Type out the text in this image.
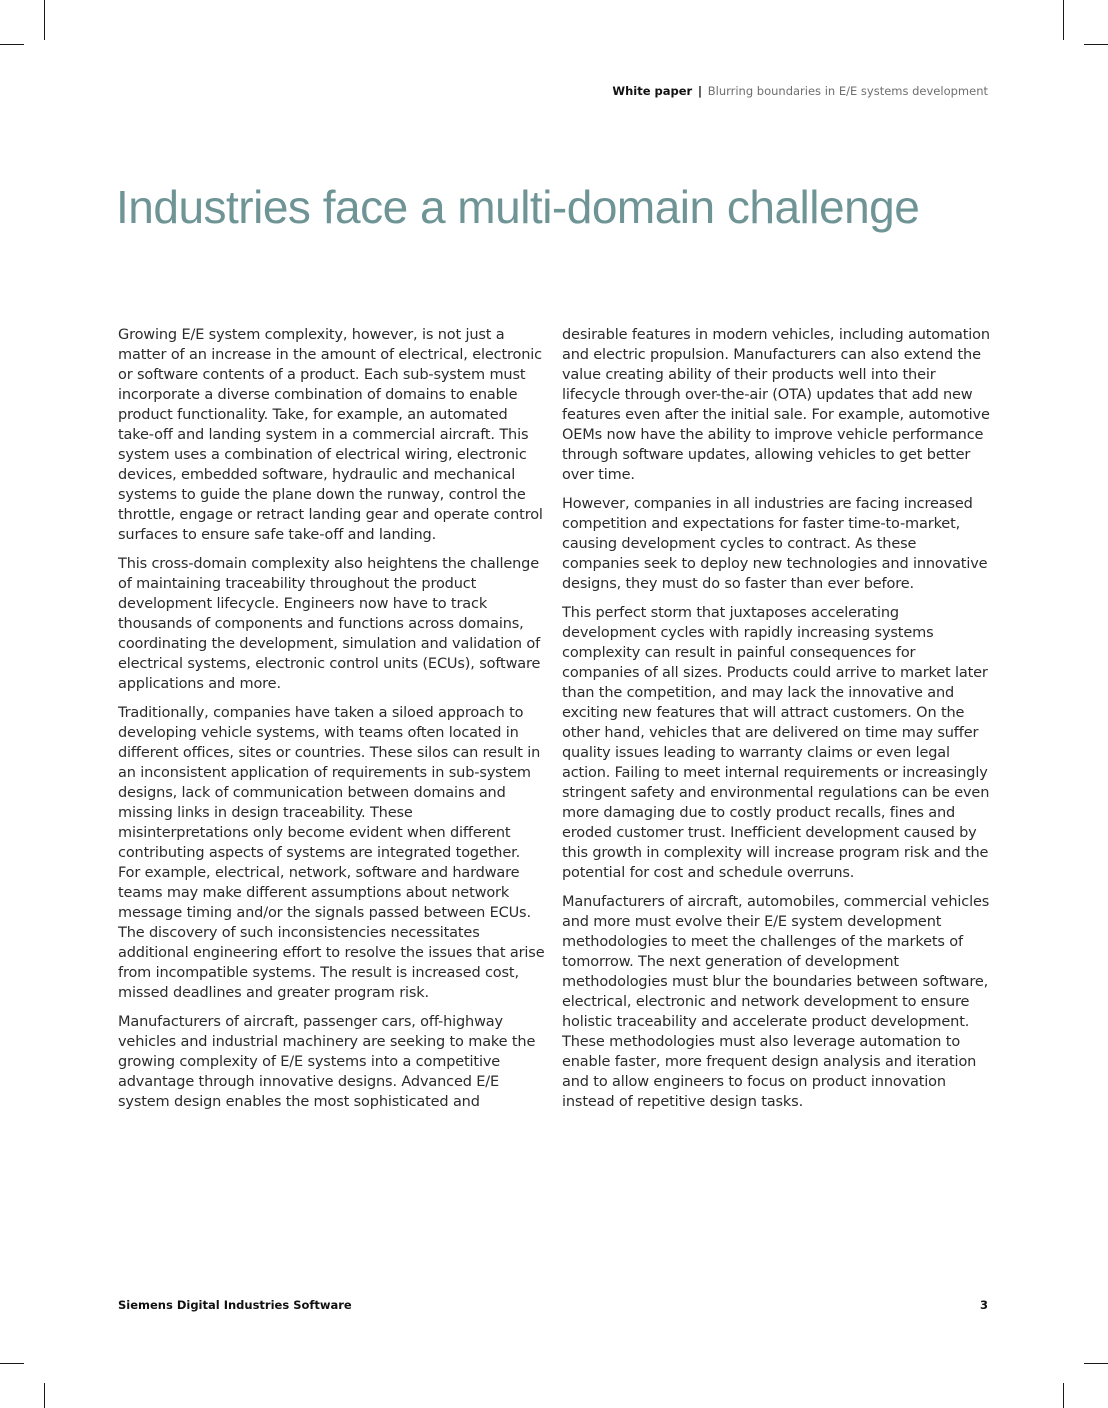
White paper | Blurring boundaries in E/E systems development
Industries face a multi-domain challenge

Growing E/E system complexity, however, is not just a matter of an increase in the amount of electrical, electronic or software contents of a product. Each sub-system must incorporate a diverse combination of domains to enable product functionality. Take, for example, an automated take-off and landing system in a commercial aircraft. This system uses a combination of electrical wiring, electronic devices, embedded software, hydraulic and mechanical systems to guide the plane down the runway, control the throttle, engage or retract landing gear and operate control surfaces to ensure safe take-off and landing.

This cross-domain complexity also heightens the challenge of maintaining traceability throughout the product development lifecycle. Engineers now have to track thousands of components and functions across domains, coordinating the development, simulation and validation of electrical systems, electronic control units (ECUs), software applications and more.

Traditionally, companies have taken a siloed approach to developing vehicle systems, with teams often located in different offices, sites or countries. These silos can result in an inconsistent application of requirements in sub-system designs, lack of communication between domains and missing links in design traceability. These misinterpretations only become evident when different contributing aspects of systems are integrated together. For example, electrical, network, software and hardware teams may make different assumptions about network message timing and/or the signals passed between ECUs. The discovery of such inconsistencies necessitates additional engineering effort to resolve the issues that arise from incompatible systems. The result is increased cost, missed deadlines and greater program risk.

Manufacturers of aircraft, passenger cars, off-highway vehicles and industrial machinery are seeking to make the growing complexity of E/E systems into a competitive advantage through innovative designs. Advanced E/E system design enables the most sophisticated and

desirable features in modern vehicles, including automation and electric propulsion. Manufacturers can also extend the value creating ability of their products well into their lifecycle through over-the-air (OTA) updates that add new features even after the initial sale. For example, automotive OEMs now have the ability to improve vehicle performance through software updates, allowing vehicles to get better over time.

However, companies in all industries are facing increased competition and expectations for faster time-to-market, causing development cycles to contract. As these companies seek to deploy new technologies and innovative designs, they must do so faster than ever before.

This perfect storm that juxtaposes accelerating development cycles with rapidly increasing systems complexity can result in painful consequences for companies of all sizes. Products could arrive to market later than the competition, and may lack the innovative and exciting new features that will attract customers. On the other hand, vehicles that are delivered on time may suffer quality issues leading to warranty claims or even legal action. Failing to meet internal requirements or increasingly stringent safety and environmental regulations can be even more damaging due to costly product recalls, fines and eroded customer trust. Inefficient development caused by this growth in complexity will increase program risk and the potential for cost and schedule overruns.

Manufacturers of aircraft, automobiles, commercial vehicles and more must evolve their E/E system development methodologies to meet the challenges of the markets of tomorrow. The next generation of development methodologies must blur the boundaries between software, electrical, electronic and network development to ensure holistic traceability and accelerate product development. These methodologies must also leverage automation to enable faster, more frequent design analysis and iteration and to allow engineers to focus on product innovation instead of repetitive design tasks.

Siemens Digital Industries Software	3
